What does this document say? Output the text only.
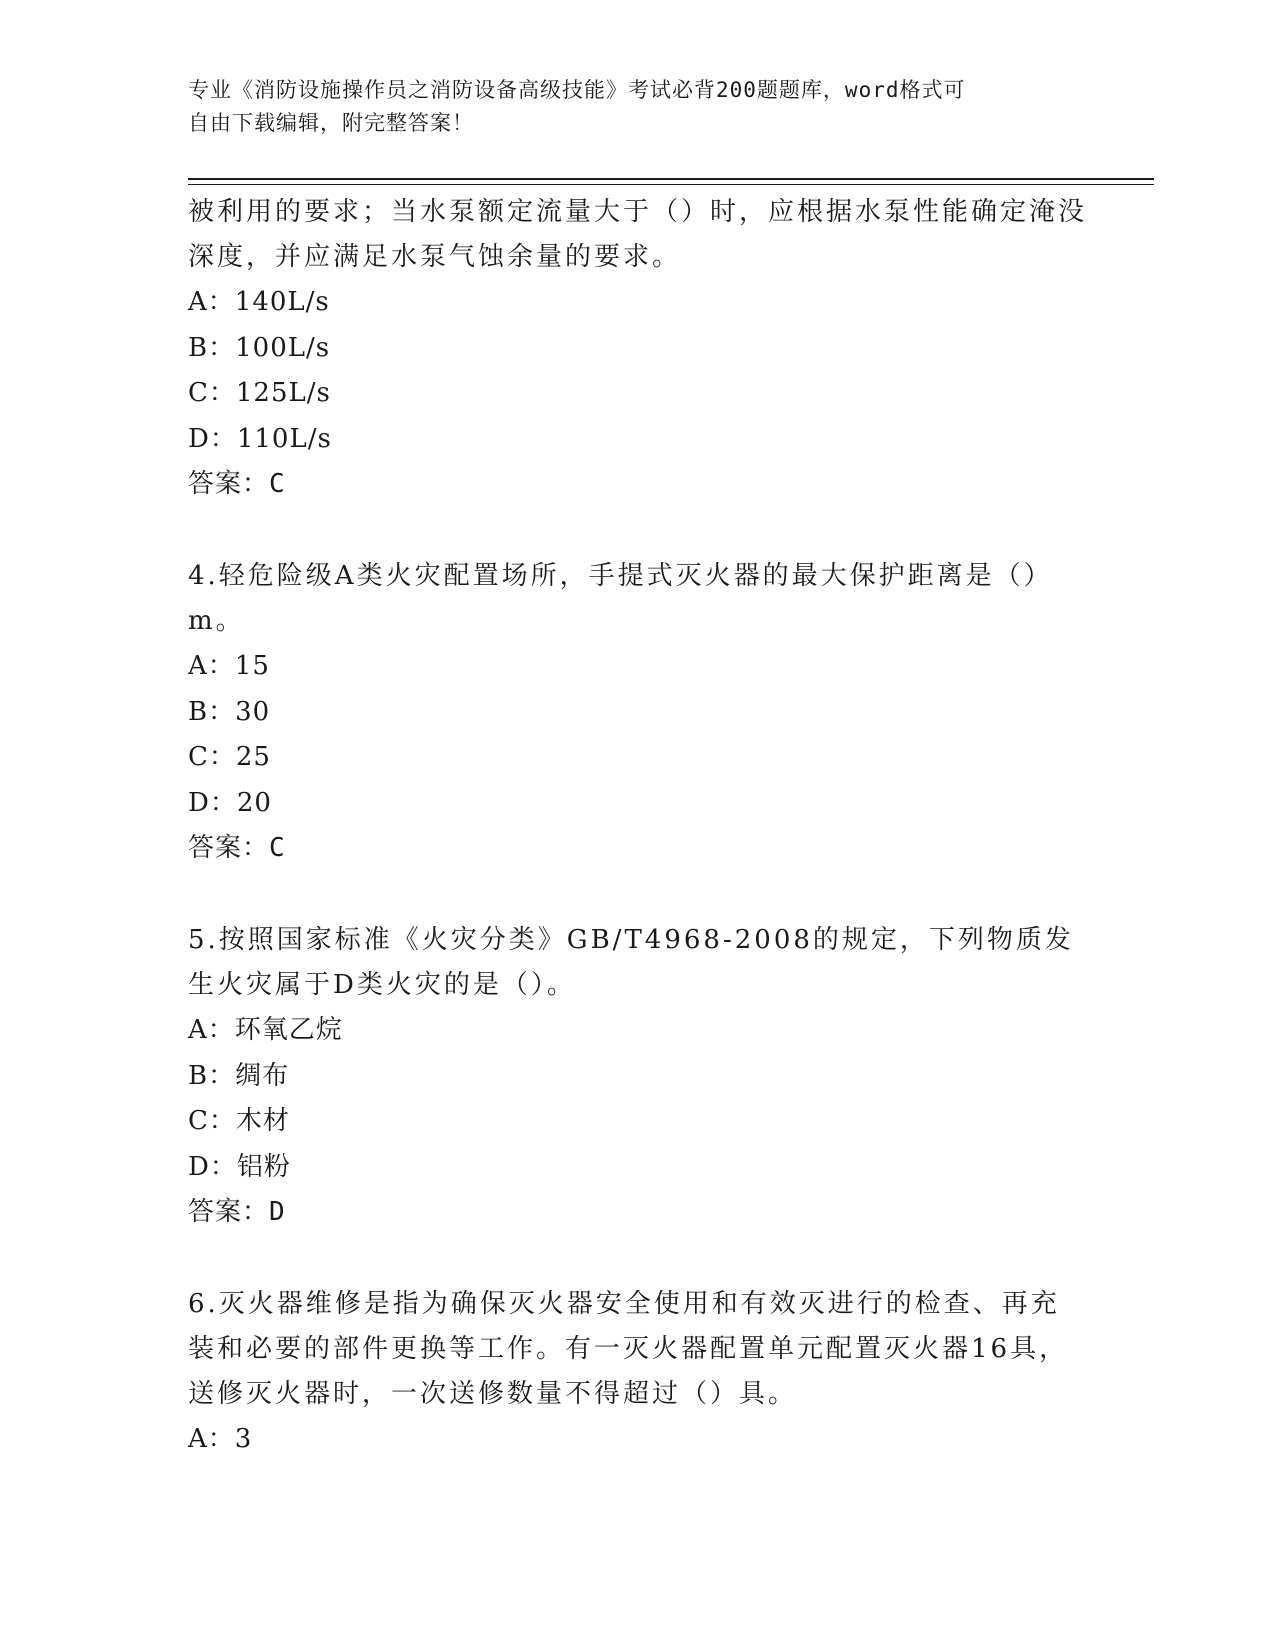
专业《消防设施操作员之消防设备高级技能》考试必背200题题库，word格式可
自由下载编辑，附完整答案！
被利用的要求；当水泵额定流量大于（）时，应根据水泵性能确定淹没深度，并应满足水泵气蚀余量的要求。
A：140L/s
B：100L/s
C：125L/s
D：110L/s
答案：C
4.轻危险级A类火灾配置场所，手提式灭火器的最大保护距离是（）m。
A：15
B：30
C：25
D：20
答案：C
5.按照国家标准《火灾分类》GB/T4968-2008的规定，下列物质发生火灾属于D类火灾的是（）。
A：环氧乙烷
B：绸布
C：木材
D：铝粉
答案：D
6.灭火器维修是指为确保灭火器安全使用和有效灭进行的检查、再充装和必要的部件更换等工作。有一灭火器配置单元配置灭火器16具，送修灭火器时，一次送修数量不得超过（）具。
A：3
